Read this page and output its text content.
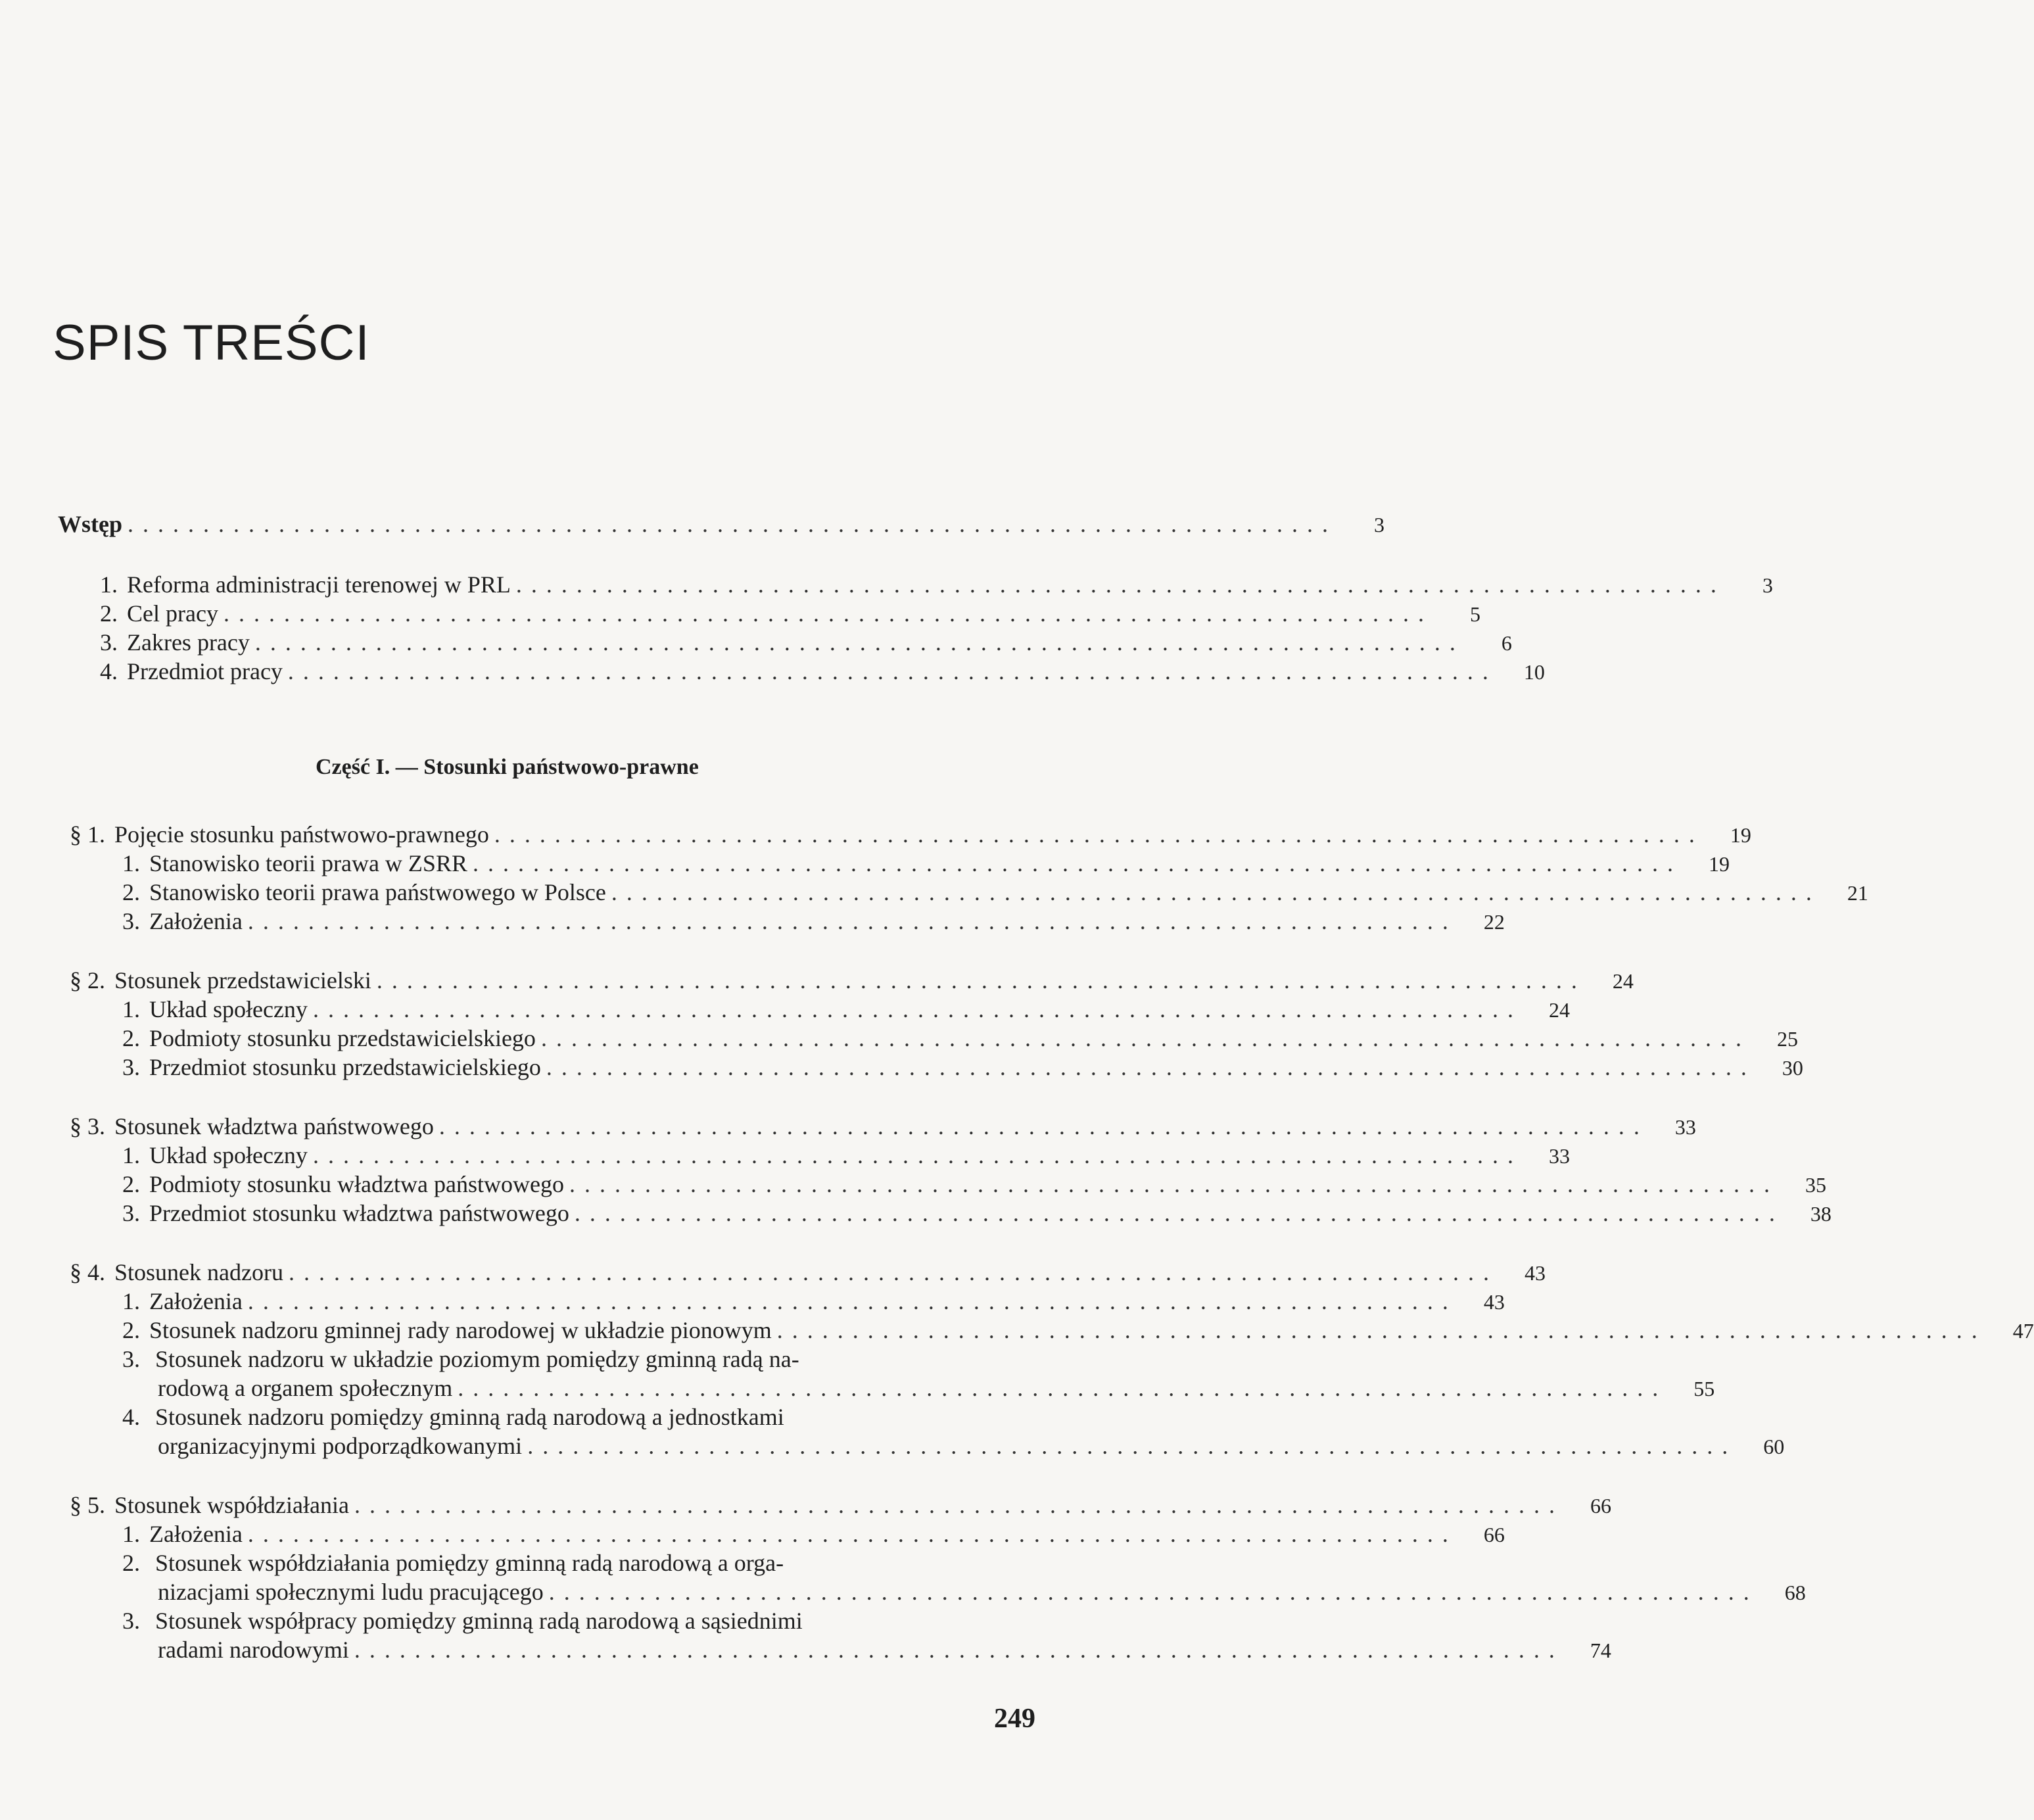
SPIS TREŚCI
Wstęp ................................................................................	3
1. Reforma administracji terenowej w PRL ................................................................................	3
2. Cel pracy ................................................................................	5
3. Zakres pracy ................................................................................	6
4. Przedmiot pracy ................................................................................	10
Część I. — Stosunki państwowo-prawne
§ 1. Pojęcie stosunku państwowo-prawnego ................................................................................	19
1. Stanowisko teorii prawa w ZSRR ................................................................................	19
2. Stanowisko teorii prawa państwowego w Polsce ................................................................................	21
3. Założenia ................................................................................	22
§ 2. Stosunek przedstawicielski ................................................................................	24
1. Układ społeczny ................................................................................	24
2. Podmioty stosunku przedstawicielskiego ................................................................................	25
3. Przedmiot stosunku przedstawicielskiego ................................................................................	30
§ 3. Stosunek władztwa państwowego ................................................................................	33
1. Układ społeczny ................................................................................	33
2. Podmioty stosunku władztwa państwowego ................................................................................	35
3. Przedmiot stosunku władztwa państwowego ................................................................................	38
§ 4. Stosunek nadzoru ................................................................................	43
1. Założenia ................................................................................	43
2. Stosunek nadzoru gminnej rady narodowej w układzie pionowym ................................................................................	47
3. Stosunek nadzoru w układzie poziomym pomiędzy gminną radą na-
rodową a organem społecznym ................................................................................	55
4. Stosunek nadzoru pomiędzy gminną radą narodową a jednostkami
organizacyjnymi podporządkowanymi ................................................................................	60
§ 5. Stosunek współdziałania ................................................................................	66
1. Założenia ................................................................................	66
2. Stosunek współdziałania pomiędzy gminną radą narodową a orga-
nizacjami społecznymi ludu pracującego ................................................................................	68
3. Stosunek współpracy pomiędzy gminną radą narodową a sąsiednimi
radami narodowymi ................................................................................	74
249
